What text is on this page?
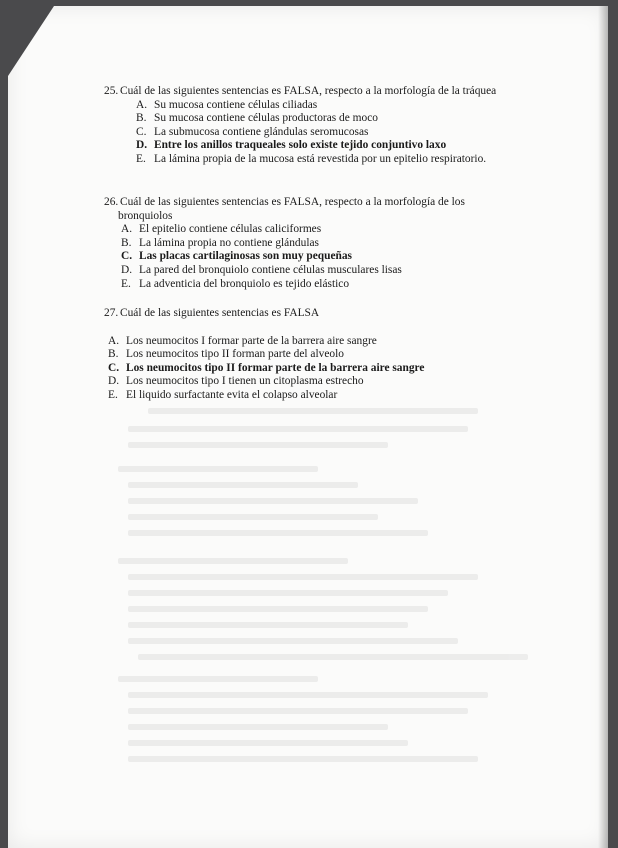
25. Cuál de las siguientes sentencias es FALSA, respecto a la morfología de la tráquea

A. Su mucosa contiene células ciliadas
B. Su mucosa contiene células productoras de moco
C. La submucosa contiene glándulas seromucosas
D. Entre los anillos traqueales solo existe tejido conjuntivo laxo
E. La lámina propia de la mucosa está revestida por un epitelio respiratorio.

26. Cuál de las siguientes sentencias es FALSA, respecto a la morfología de los bronquiolos

A. El epitelio contiene células caliciformes
B. La lámina propia no contiene glándulas
C. Las placas cartilaginosas son muy pequeñas
D. La pared del bronquiolo contiene células musculares lisas
E. La adventicia del bronquiolo es tejido elástico

27. Cuál de las siguientes sentencias es FALSA

A. Los neumocitos I formar parte de la barrera aire sangre
B. Los neumocitos tipo II forman parte del alveolo
C. Los neumocitos tipo II formar parte de la barrera aire sangre
D. Los neumocitos tipo I tienen un citoplasma estrecho
E. El liquido surfactante evita el colapso alveolar
